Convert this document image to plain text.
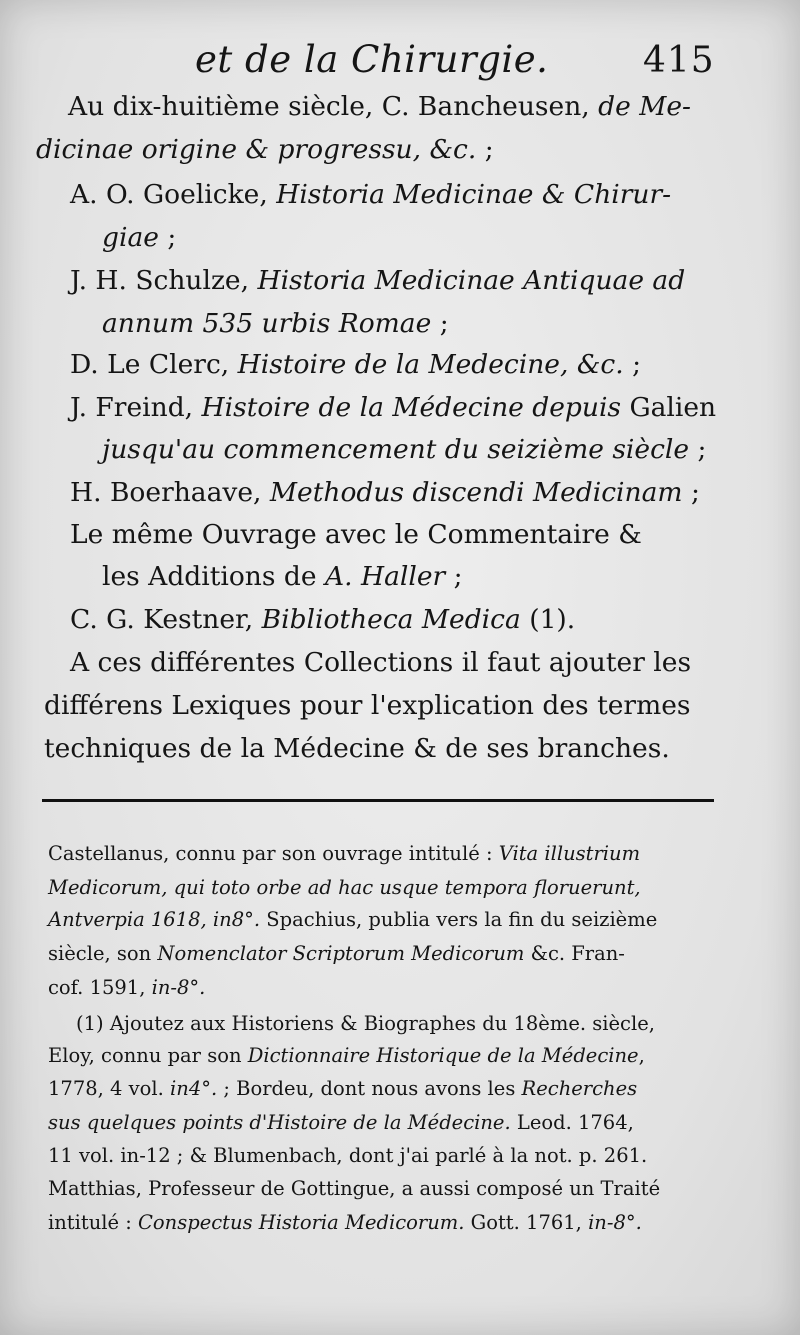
et de la Chirurgie.	415
Au dix-huitième siècle, C. Bancheusen, de Me-
dicinae origine & progressu, &c. ;
A. O. Goelicke, Historia Medicinae & Chirur-
giae ;
J. H. Schulze, Historia Medicinae Antiquae ad
annum 535 urbis Romae ;
D. Le Clerc, Histoire de la Medecine, &c. ;
J. Freind, Histoire de la Médecine depuis Galien
jusqu'au commencement du seizième siècle ;
H. Boerhaave, Methodus discendi Medicinam ;
Le même Ouvrage avec le Commentaire &
les Additions de A. Haller ;
C. G. Kestner, Bibliotheca Medica (1).
A ces différentes Collections il faut ajouter les
différens Lexiques pour l'explication des termes
techniques de la Médecine & de ses branches.
Castellanus, connu par son ouvrage intitulé : Vita illustrium
Medicorum, qui toto orbe ad hac usque tempora floruerunt,
Antverpia 1618, in8°. Spachius, publia vers la fin du seizième
siècle, son Nomenclator Scriptorum Medicorum &c. Fran-
cof. 1591, in-8°.
(1) Ajoutez aux Historiens & Biographes du 18ème. siècle,
Eloy, connu par son Dictionnaire Historique de la Médecine,
1778, 4 vol. in4°. ; Bordeu, dont nous avons les Recherches
sus quelques points d'Histoire de la Médecine. Leod. 1764,
11 vol. in-12 ; & Blumenbach, dont j'ai parlé à la not. p. 261.
Matthias, Professeur de Gottingue, a aussi composé un Traité
intitulé : Conspectus Historia Medicorum. Gott. 1761, in-8°.
